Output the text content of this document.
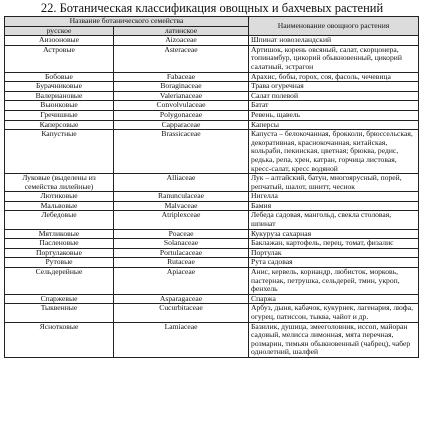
22. Ботаническая классификация овощных и бахчевых растений
Название ботанического семейства		Наименование овощного растения
русское	латинское	
Аизооновые	Aizoaceae	Шпинат новозеландский
Астровые	Asteraceae	Артишок, корень овсяный, салат, скорцонера, топинамбур, цикорий обыкновенный, цикорий салатный, эстрагон
Бобовые	Fabaceae	Арахис, бобы, горох, соя, фасоль, чечевица
Бурачниковые	Boraginaceae	Трава огуречная
Валериановые	Valerianaceae	Салат полевой
Вьюнковые	Convolvulaceae	Батат
Гречишные	Polygonaceae	Ревень, щавель
Каперсовые	Capparaceae	Каперсы
Капустные	Brassicaceae	Капуста – белокочанная, брокколи, брюссельская, декоративная, краснокочанная, китайская, кольраби, пекинская, цветная; брюква, редис, редька, репа, хрен, катран, горчица листовая, кресс-салат, кресс водяной
Луковые (выделены из семейства лилейные)	Alliaceae	Лук – алтайский, батун, многоярусный, порей, репчатый, шалот, шнитт, чеснок
Лютиковые	Ranunculaceae	Нигелла
Мальвовые	Malvaceae	Бамия
Лебедовые	Atriplexceae	Лебеда садовая, мангольд, свекла столовая, шпинат
Мятликовые	Poaceae	Кукуруза сахарная
Пасленовые	Solanaceae	Баклажан, картофель, перец, томат, физалис
Портулаковые	Portulacaceae	Портулак
Рутовые	Rutaceae	Рута садовая
Сельдерейные	Apiaceae	Анис, кервель, кориандр, любисток, морковь, пастернак, петрушка, сельдерей, тмин, укроп, фенхель
Спаржевые	Asparagaceae	Спаржа
Тыквенные	Cucurbitaceae	Арбуз, дыня, кабачок, кукурнек, лагенария, люфа, огурец, патиссон, тыква, чайот и др.
Яснотковые	Lamiaceae	Базилик, душица, змееголовник, иссоп, майоран садовый, мелисса лимонная, мята перечная, розмарин, тимьян обыкновенный (чабрец), чабер однолетний, шалфей
